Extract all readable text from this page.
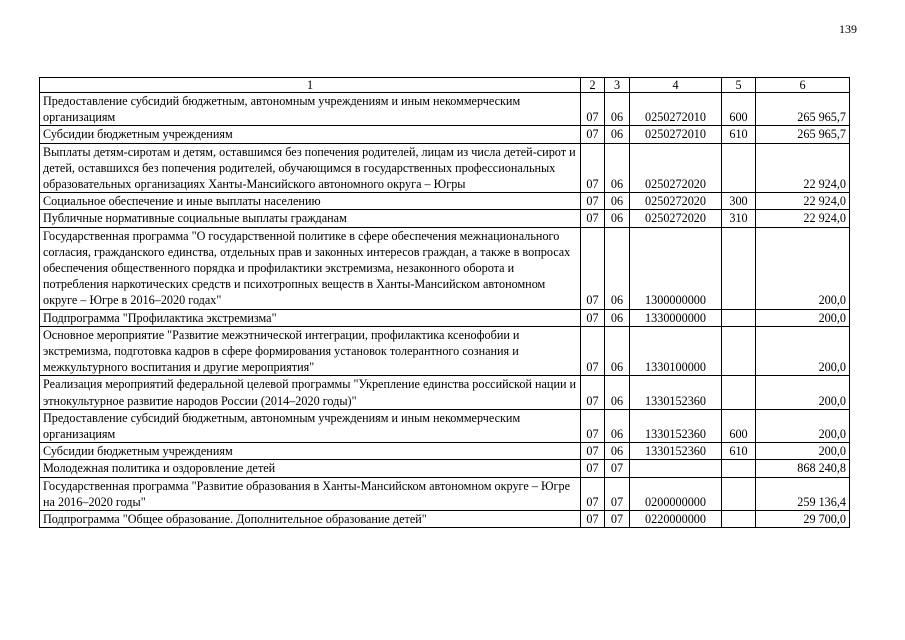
139
1	2	3	4	5	6
Предоставление субсидий бюджетным, автономным учреждениям и иным некоммерческим организациям	07	06	0250272010	600	265 965,7
Субсидии бюджетным учреждениям	07	06	0250272010	610	265 965,7
Выплаты детям-сиротам и детям, оставшимся без попечения родителей, лицам из числа детей-сирот и детей, оставшихся без попечения родителей, обучающимся в государственных профессиональных образовательных организациях Ханты-Мансийского автономного округа – Югры	07	06	0250272020		22 924,0
Социальное обеспечение и иные выплаты населению	07	06	0250272020	300	22 924,0
Публичные нормативные социальные выплаты гражданам	07	06	0250272020	310	22 924,0
Государственная программа "О государственной политике в сфере обеспечения межнационального согласия, гражданского единства, отдельных прав и законных интересов граждан, а также в вопросах обеспечения общественного порядка и профилактики экстремизма, незаконного оборота и потребления наркотических средств и психотропных веществ в Ханты-Мансийском автономном округе – Югре в 2016–2020 годах"	07	06	1300000000		200,0
Подпрограмма "Профилактика экстремизма"	07	06	1330000000		200,0
Основное мероприятие "Развитие межэтнической интеграции, профилактика ксенофобии и экстремизма, подготовка кадров в сфере формирования установок толерантного сознания и межкультурного воспитания и другие мероприятия"	07	06	1330100000		200,0
Реализация мероприятий федеральной целевой программы "Укрепление единства российской нации и этнокультурное развитие народов России (2014–2020 годы)"	07	06	1330152360		200,0
Предоставление субсидий бюджетным, автономным учреждениям и иным некоммерческим организациям	07	06	1330152360	600	200,0
Субсидии бюджетным учреждениям	07	06	1330152360	610	200,0
Молодежная политика и оздоровление детей	07	07			868 240,8
Государственная программа "Развитие образования в Ханты-Мансийском автономном округе – Югре на 2016–2020 годы"	07	07	0200000000		259 136,4
Подпрограмма "Общее образование. Дополнительное образование детей"	07	07	0220000000		29 700,0
